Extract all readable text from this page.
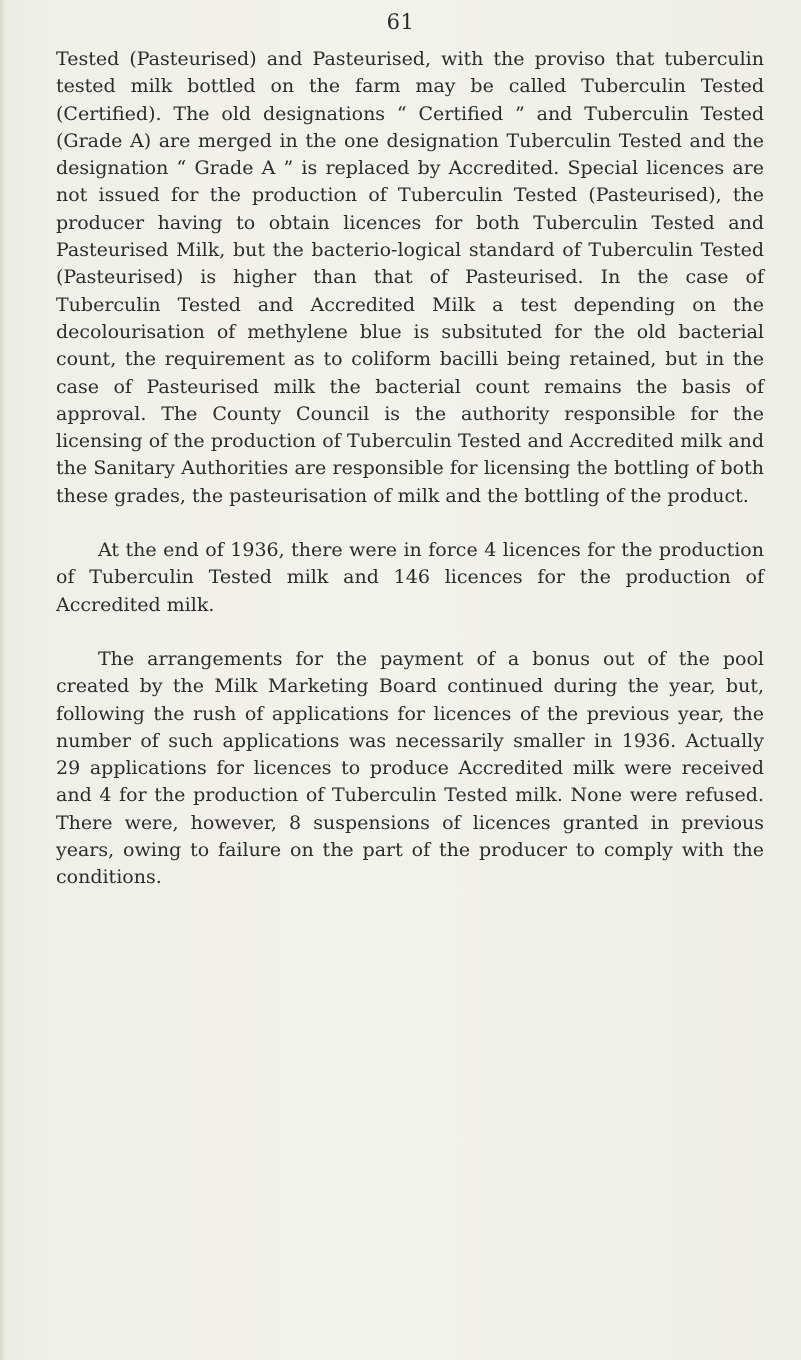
61

Tested (Pasteurised) and Pasteurised, with the proviso that tuberculin tested milk bottled on the farm may be called Tuberculin Tested (Certified). The old designations “ Certified ” and Tuberculin Tested (Grade A) are merged in the one designation Tuberculin Tested and the designation “ Grade A ” is replaced by Accredited. Special licences are not issued for the production of Tuberculin Tested (Pasteurised), the producer having to obtain licences for both Tuberculin Tested and Pasteurised Milk, but the bacterio-logical standard of Tuberculin Tested (Pasteurised) is higher than that of Pasteurised. In the case of Tuberculin Tested and Accredited Milk a test depending on the decolourisation of methylene blue is subsituted for the old bacterial count, the requirement as to coliform bacilli being retained, but in the case of Pasteurised milk the bacterial count remains the basis of approval. The County Council is the authority responsible for the licensing of the production of Tuberculin Tested and Accredited milk and the Sanitary Authorities are responsible for licensing the bottling of both these grades, the pasteurisation of milk and the bottling of the product.

At the end of 1936, there were in force 4 licences for the production of Tuberculin Tested milk and 146 licences for the production of Accredited milk.

The arrangements for the payment of a bonus out of the pool created by the Milk Marketing Board continued during the year, but, following the rush of applications for licences of the previous year, the number of such applications was necessarily smaller in 1936. Actually 29 applications for licences to produce Accredited milk were received and 4 for the production of Tuberculin Tested milk. None were refused. There were, however, 8 suspensions of licences granted in previous years, owing to failure on the part of the producer to comply with the conditions.
